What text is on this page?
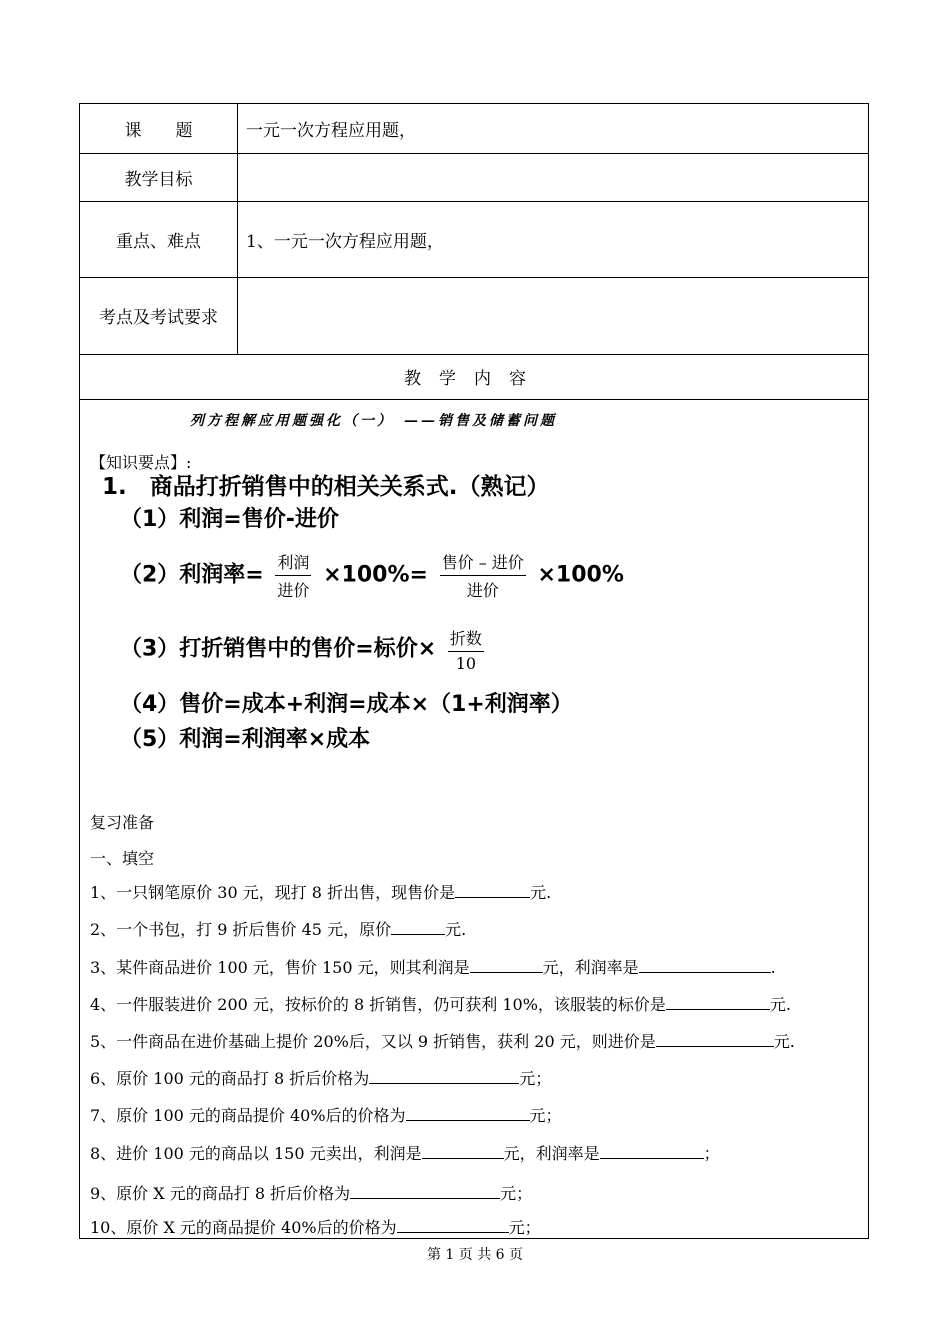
课　　题	一元一次方程应用题，
教学目标
重点、难点	1、一元一次方程应用题，
考点及考试要求
教学内容
列方程解应用题强化（一）　——销售及储蓄问题
【知识要点】:
1.　商品打折销售中的相关关系式.（熟记）
（1）利润=售价-进价
（2）利润率= $\frac{\text{利润}}{\text{进价}} \times 100\%= \frac{\text{售价 – 进价}}{\text{进价}} \times 100\%$
（3）打折销售中的售价=标价× $\frac{\text{折数}}{10}$
（4）售价=成本+利润=成本×（1+利润率）
（5）利润=利润率×成本
复习准备
一、填空
1、一只钢笔原价 30 元，现打 8 折出售，现售价是	元.
2、一个书包，打 9 折后售价 45 元，原价	元.
3、某件商品进价 100 元，售价 150 元，则其利润是	元，利润率是	.
4、一件服装进价 200 元，按标价的 8 折销售，仍可获利 10%，该服装的标价是	元.
5、一件商品在进价基础上提价 20%后，又以 9 折销售，获利 20 元，则进价是	元.
6、原价 100 元的商品打 8 折后价格为	元；
7、原价 100 元的商品提价 40%后的价格为	元；
8、进价 100 元的商品以 150 元卖出，利润是	元，利润率是	；
9、原价 X 元的商品打 8 折后价格为	元；
10、原价 X 元的商品提价 40%后的价格为	元；
第 1 页 共 6 页
